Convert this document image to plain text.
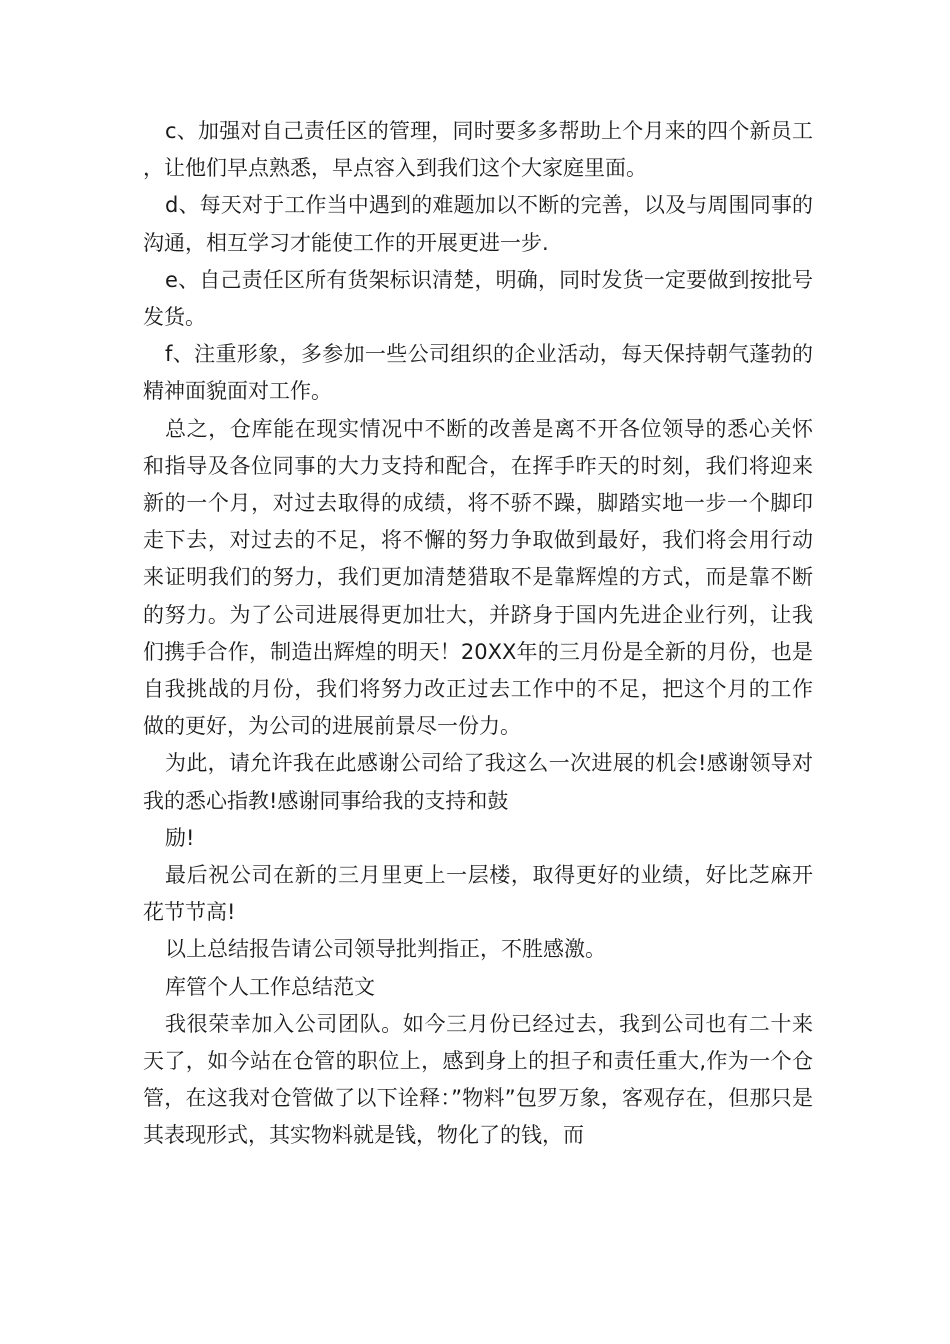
c、加强对自己责任区的管理，同时要多多帮助上个月来的四个新员工，让他们早点熟悉，早点容入到我们这个大家庭里面。

d、每天对于工作当中遇到的难题加以不断的完善，以及与周围同事的沟通，相互学习才能使工作的开展更进一步.

e、自己责任区所有货架标识清楚，明确，同时发货一定要做到按批号发货。

f、注重形象，多参加一些公司组织的企业活动，每天保持朝气蓬勃的精神面貌面对工作。

总之，仓库能在现实情况中不断的改善是离不开各位领导的悉心关怀和指导及各位同事的大力支持和配合，在挥手昨天的时刻，我们将迎来新的一个月，对过去取得的成绩，将不骄不躁，脚踏实地一步一个脚印走下去，对过去的不足，将不懈的努力争取做到最好，我们将会用行动来证明我们的努力，我们更加清楚猎取不是靠辉煌的方式，而是靠不断的努力。为了公司进展得更加壮大，并跻身于国内先进企业行列，让我们携手合作，制造出辉煌的明天！20XX年的三月份是全新的月份，也是自我挑战的月份，我们将努力改正过去工作中的不足，把这个月的工作做的更好，为公司的进展前景尽一份力。

为此，请允许我在此感谢公司给了我这么一次进展的机会!感谢领导对我的悉心指教!感谢同事给我的支持和鼓

励!

最后祝公司在新的三月里更上一层楼，取得更好的业绩，好比芝麻开花节节高!

以上总结报告请公司领导批判指正，不胜感激。

库管个人工作总结范文

我很荣幸加入公司团队。如今三月份已经过去，我到公司也有二十来天了，如今站在仓管的职位上，感到身上的担子和责任重大,作为一个仓管，在这我对仓管做了以下诠释：”物料”包罗万象，客观存在，但那只是其表现形式，其实物料就是钱，物化了的钱，而
